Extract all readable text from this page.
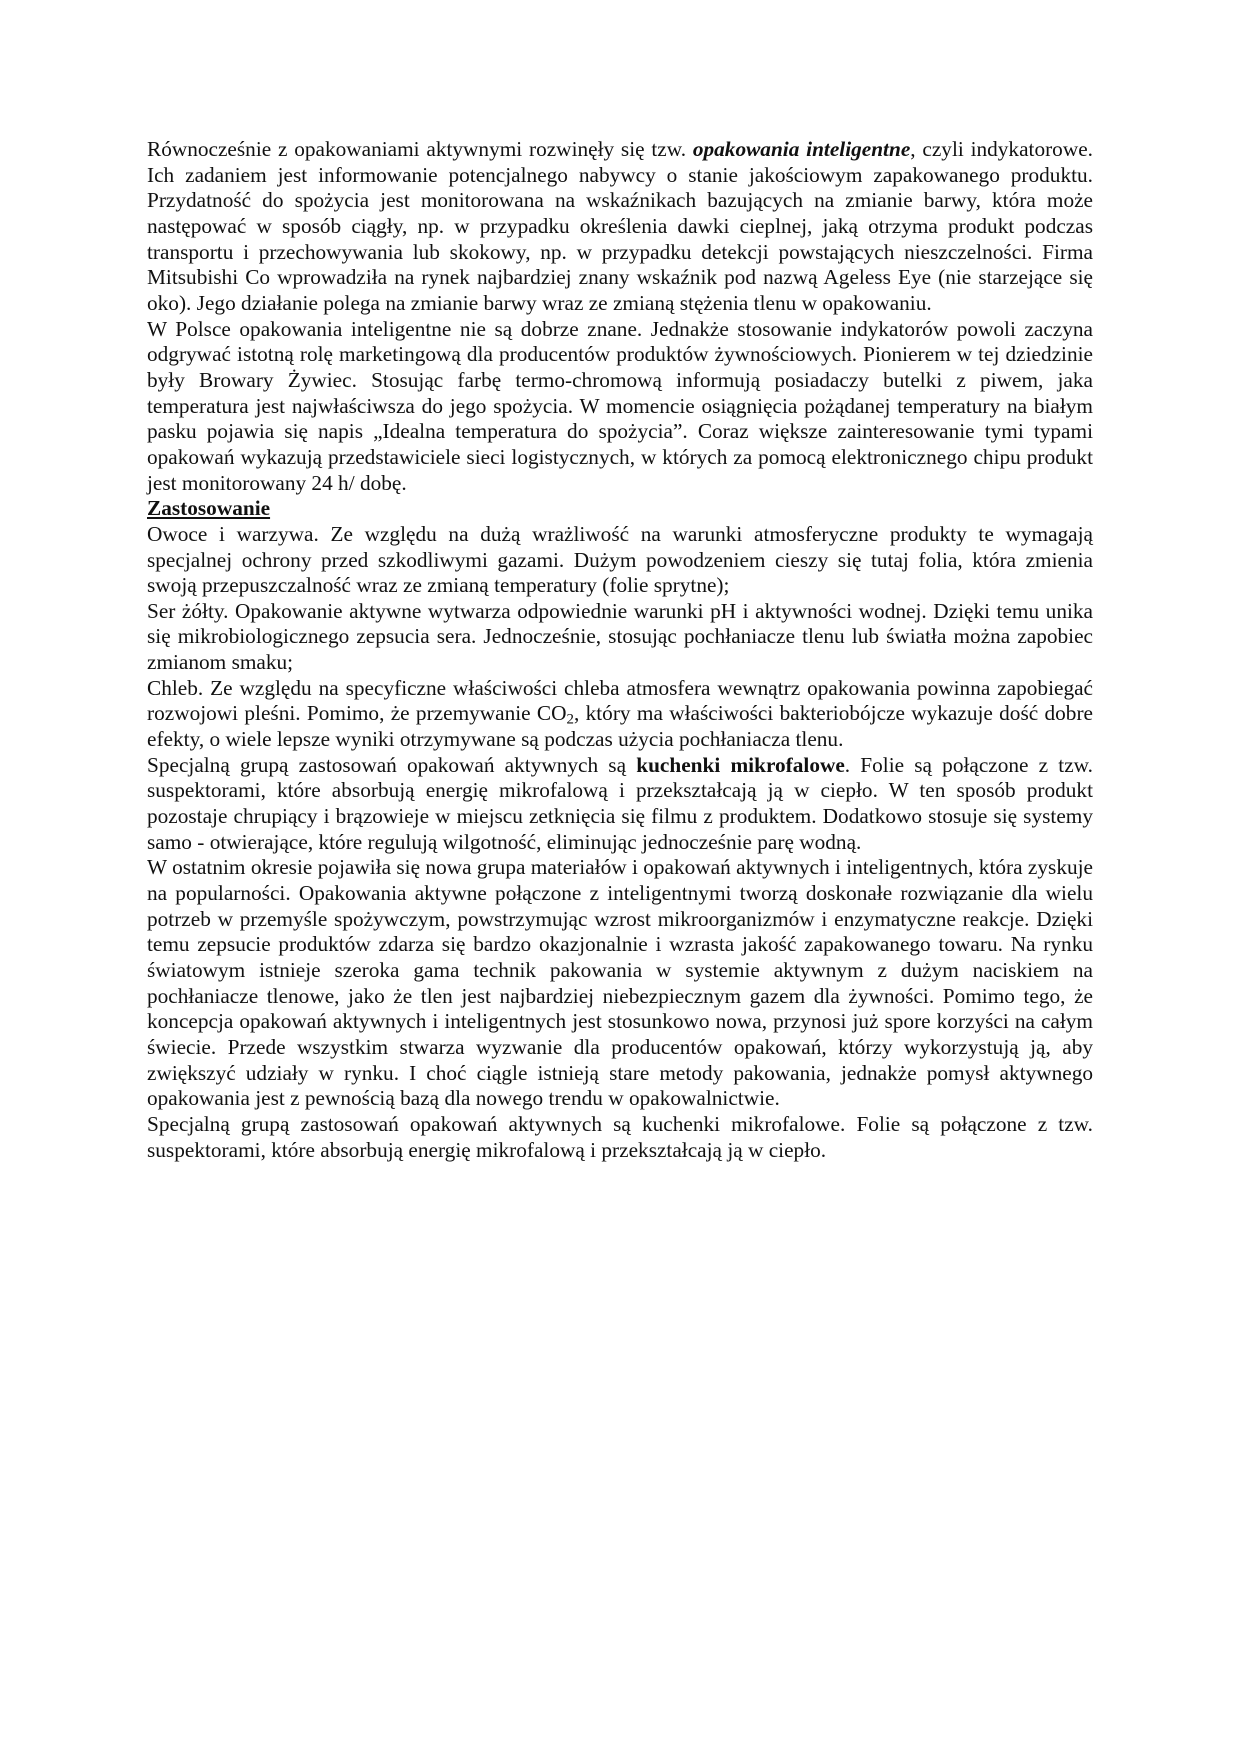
Równocześnie z opakowaniami aktywnymi rozwinęły się tzw. opakowania inteligentne, czyli indykatorowe. Ich zadaniem jest informowanie potencjalnego nabywcy o stanie jakościowym zapakowanego produktu. Przydatność do spożycia jest monitorowana na wskaźnikach bazujących na zmianie barwy, która może następować w sposób ciągły, np. w przypadku określenia dawki cieplnej, jaką otrzyma produkt podczas transportu i przechowywania lub skokowy, np. w przypadku detekcji powstających nieszczelności. Firma Mitsubishi Co wprowadziła na rynek najbardziej znany wskaźnik pod nazwą Ageless Eye (nie starzejące się oko). Jego działanie polega na zmianie barwy wraz ze zmianą stężenia tlenu w opakowaniu.

W Polsce opakowania inteligentne nie są dobrze znane. Jednakże stosowanie indykatorów powoli zaczyna odgrywać istotną rolę marketingową dla producentów produktów żywnościowych. Pionierem w tej dziedzinie były Browary Żywiec. Stosując farbę termo-chromową informują posiadaczy butelki z piwem, jaka temperatura jest najwłaściwsza do jego spożycia. W momencie osiągnięcia pożądanej temperatury na białym pasku pojawia się napis „Idealna temperatura do spożycia”. Coraz większe zainteresowanie tymi typami opakowań wykazują przedstawiciele sieci logistycznych, w których za pomocą elektronicznego chipu produkt jest monitorowany 24 h/ dobę.

Zastosowanie

Owoce i warzywa. Ze względu na dużą wrażliwość na warunki atmosferyczne produkty te wymagają specjalnej ochrony przed szkodliwymi gazami. Dużym powodzeniem cieszy się tutaj folia, która zmienia swoją przepuszczalność wraz ze zmianą temperatury (folie sprytne);

Ser żółty. Opakowanie aktywne wytwarza odpowiednie warunki pH i aktywności wodnej. Dzięki temu unika się mikrobiologicznego zepsucia sera. Jednocześnie, stosując pochłaniacze tlenu lub światła można zapobiec zmianom smaku;

Chleb. Ze względu na specyficzne właściwości chleba atmosfera wewnątrz opakowania powinna zapobiegać rozwojowi pleśni. Pomimo, że przemywanie $CO_2$, który ma właściwości bakteriobójcze wykazuje dość dobre efekty, o wiele lepsze wyniki otrzymywane są podczas użycia pochłaniacza tlenu.

Specjalną grupą zastosowań opakowań aktywnych są kuchenki mikrofalowe. Folie są połączone z tzw. suspektorami, które absorbują energię mikrofalową i przekształcają ją w ciepło. W ten sposób produkt pozostaje chrupiący i brązowieje w miejscu zetknięcia się filmu z produktem. Dodatkowo stosuje się systemy samo - otwierające, które regulują wilgotność, eliminując jednocześnie parę wodną.

W ostatnim okresie pojawiła się nowa grupa materiałów i opakowań aktywnych i inteligentnych, która zyskuje na popularności. Opakowania aktywne połączone z inteligentnymi tworzą doskonałe rozwiązanie dla wielu potrzeb w przemyśle spożywczym, powstrzymując wzrost mikroorganizmów i enzymatyczne reakcje. Dzięki temu zepsucie produktów zdarza się bardzo okazjonalnie i wzrasta jakość zapakowanego towaru. Na rynku światowym istnieje szeroka gama technik pakowania w systemie aktywnym z dużym naciskiem na pochłaniacze tlenowe, jako że tlen jest najbardziej niebezpiecznym gazem dla żywności. Pomimo tego, że koncepcja opakowań aktywnych i inteligentnych jest stosunkowo nowa, przynosi już spore korzyści na całym świecie. Przede wszystkim stwarza wyzwanie dla producentów opakowań, którzy wykorzystują ją, aby zwiększyć udziały w rynku. I choć ciągle istnieją stare metody pakowania, jednakże pomysł aktywnego opakowania jest z pewnością bazą dla nowego trendu w opakowalnictwie.

Specjalną grupą zastosowań opakowań aktywnych są kuchenki mikrofalowe. Folie są połączone z tzw. suspektorami, które absorbują energię mikrofalową i przekształcają ją w ciepło.
